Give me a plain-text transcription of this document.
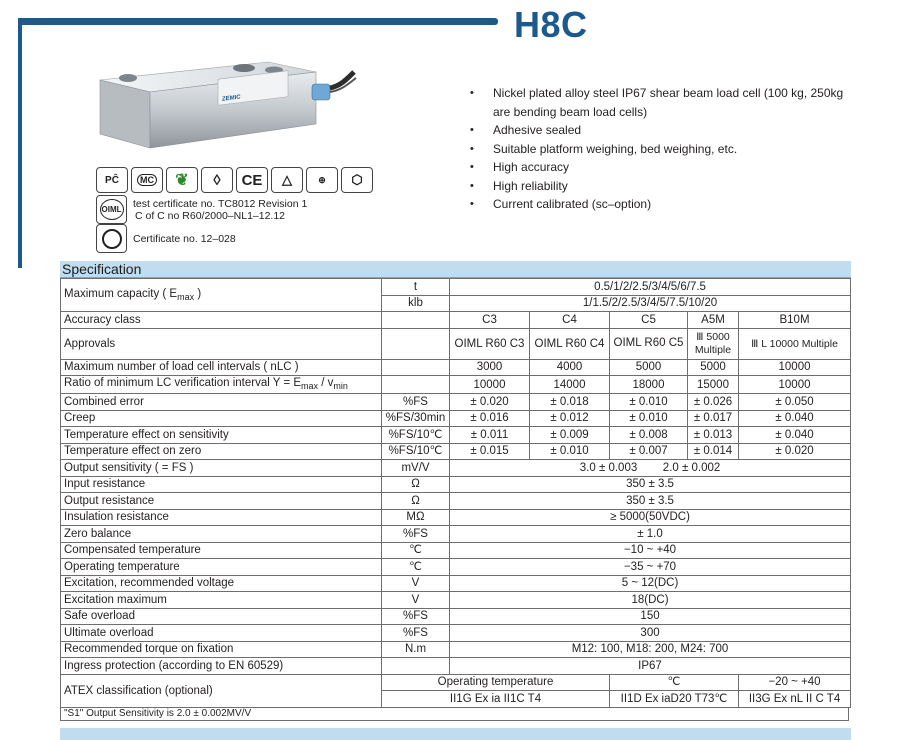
H8C
ZEMIC
PĈ	MC ❦ ◊ CE △	⊕ ⬡
OIML test certificate no. TC8012 Revision 1
C of C no R60/2000–NL1–12.12
Certificate no. 12–028
• Nickel plated alloy steel IP67 shear beam load cell (100 kg, 250kg are bending beam load cells)
• Adhesive sealed
• Suitable platform weighing, bed weighing, etc.
• High accuracy
• High reliability
• Current calibrated (sc–option)
Specification
Maximum capacity ( $E_{max}$ )	t	0.5/1/2/2.5/3/4/5/6/7.5				
	klb	1/1.5/2/2.5/3/4/5/7.5/10/20				
Accuracy class		C3	C4	C5	A5M	B10M
Approvals		OIML R60 C3	OIML R60 C4	OIML R60 C5	Ⅲ 5000 Multiple	Ⅲ L 10000 Multiple
Maximum number of load cell intervals ( nLC )		3000	4000	5000	5000	10000
Ratio of minimum LC verification interval $Y = E_{max} / v_{min}$		10000	14000	18000	15000	10000
Combined error	%FS	± 0.020	± 0.018	± 0.010	± 0.026	± 0.050
Creep	%FS/30min	± 0.016	± 0.012	± 0.010	± 0.017	± 0.040
Temperature effect on sensitivity	%FS/10℃	± 0.011	± 0.009	± 0.008	± 0.013	± 0.040
Temperature effect on zero	%FS/10℃	± 0.015	± 0.010	± 0.007	± 0.014	± 0.020
Output sensitivity ( = FS )	mV/V	3.0 ± 0.003        2.0 ± 0.002				
Input resistance	Ω	350 ± 3.5				
Output resistance	Ω	350 ± 3.5				
Insulation resistance	MΩ	≥ 5000(50VDC)				
Zero balance	%FS	± 1.0				
Compensated temperature	℃	−10 ~ +40				
Operating temperature	℃	−35 ~ +70				
Excitation, recommended voltage	V	5 ~ 12(DC)				
Excitation maximum	V	18(DC)				
Safe overload	%FS	150				
Ultimate overload	%FS	300				
Recommended torque on fixation	N.m	M12: 100, M18: 200, M24: 700				
Ingress protection (according to EN 60529)		IP67				
ATEX classification (optional)	Operating temperature			℃		−20 ~ +40
	II1G Ex ia II1C T4			II1D Ex iaD20 T73℃		II3G Ex nL II C T4
"S1" Output Sensitivity is 2.0 ± 0.002MV/V
